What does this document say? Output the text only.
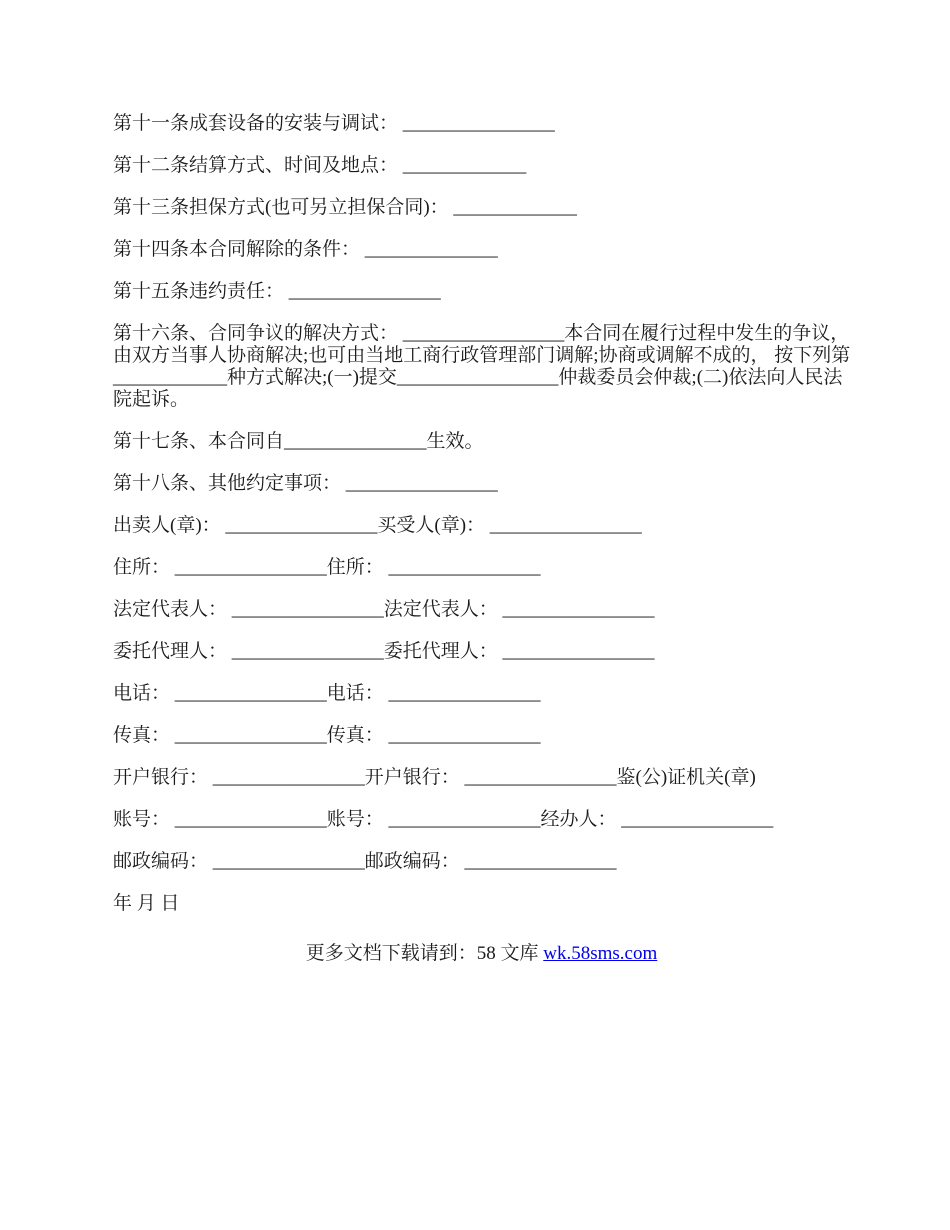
第十一条成套设备的安装与调试： ________________

第十二条结算方式、时间及地点： _____________

第十三条担保方式(也可另立担保合同)： _____________

第十四条本合同解除的条件： ______________

第十五条违约责任： ________________

第十六条、合同争议的解决方式： _________________本合同在履行过程中发生的争议，
由双方当事人协商解决;也可由当地工商行政管理部门调解;协商或调解不成的， 按下列第
____________种方式解决;(一)提交_________________仲裁委员会仲裁;(二)依法向人民法
院起诉。

第十七条、本合同自_______________生效。

第十八条、其他约定事项： ________________

出卖人(章)： ________________买受人(章)： ________________

住所： ________________住所： ________________

法定代表人： ________________法定代表人： ________________

委托代理人： ________________委托代理人： ________________

电话： ________________电话： ________________

传真： ________________传真： ________________

开户银行： ________________开户银行： ________________鉴(公)证机关(章)

账号： ________________账号： ________________经办人： ________________

邮政编码： ________________邮政编码： ________________

年 月 日

更多文档下载请到：58 文库 wk.58sms.com
